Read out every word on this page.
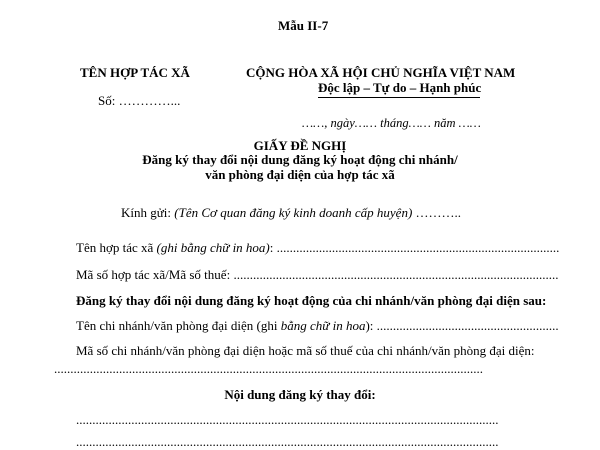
Mẫu II-7
TÊN HỢP TÁC XÃ
Số: …………...
CỘNG HÒA XÃ HỘI CHỦ NGHĨA VIỆT NAM
Độc lập – Tự do – Hạnh phúc
……, ngày…… tháng…… năm ……
GIẤY ĐỀ NGHỊ
Đăng ký thay đổi nội dung đăng ký hoạt động chi nhánh/
văn phòng đại diện của hợp tác xã
Kính gửi: (Tên Cơ quan đăng ký kinh doanh cấp huyện) ………..
Tên hợp tác xã (ghi bằng chữ in hoa): .......................................................................................
Mã số hợp tác xã/Mã số thuế: ....................................................................................................
Đăng ký thay đổi nội dung đăng ký hoạt động của chi nhánh/văn phòng đại diện sau:
Tên chi nhánh/văn phòng đại diện (ghi bằng chữ in hoa): ........................................................
Mã số chi nhánh/văn phòng đại diện hoặc mã số thuế của chi nhánh/văn phòng đại diện:
....................................................................................................................................
Nội dung đăng ký thay đổi:
..................................................................................................................................
..................................................................................................................................
